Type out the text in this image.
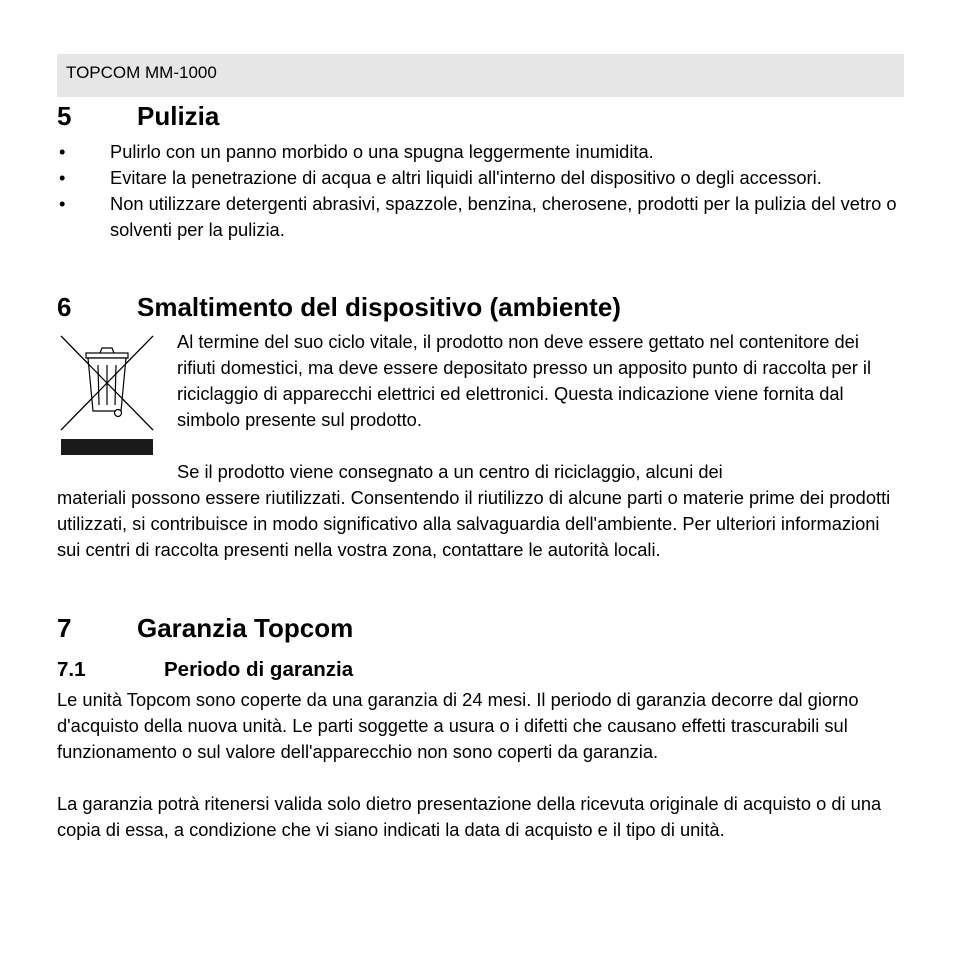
TOPCOM MM-1000
5	Pulizia
• Pulirlo con un panno morbido o una spugna leggermente inumidita.
• Evitare la penetrazione di acqua e altri liquidi all'interno del dispositivo o degli accessori.
• Non utilizzare detergenti abrasivi, spazzole, benzina, cherosene, prodotti per la pulizia del vetro o solventi per la pulizia.
6	Smaltimento del dispositivo (ambiente)
Al termine del suo ciclo vitale, il prodotto non deve essere gettato nel contenitore dei rifiuti domestici, ma deve essere depositato presso un apposito punto di raccolta per il riciclaggio di apparecchi elettrici ed elettronici. Questa indicazione viene fornita dal simbolo presente sul prodotto.
Se il prodotto viene consegnato a un centro di riciclaggio, alcuni dei
materiali possono essere riutilizzati. Consentendo il riutilizzo di alcune parti o materie prime dei prodotti utilizzati, si contribuisce in modo significativo alla salvaguardia dell'ambiente. Per ulteriori informazioni sui centri di raccolta presenti nella vostra zona, contattare le autorità locali.
7	Garanzia Topcom
7.1	Periodo di garanzia
Le unità Topcom sono coperte da una garanzia di 24 mesi. Il periodo di garanzia decorre dal giorno d'acquisto della nuova unità. Le parti soggette a usura o i difetti che causano effetti trascurabili sul funzionamento o sul valore dell'apparecchio non sono coperti da garanzia.
La garanzia potrà ritenersi valida solo dietro presentazione della ricevuta originale di acquisto o di una copia di essa, a condizione che vi siano indicati la data di acquisto e il tipo di unità.
